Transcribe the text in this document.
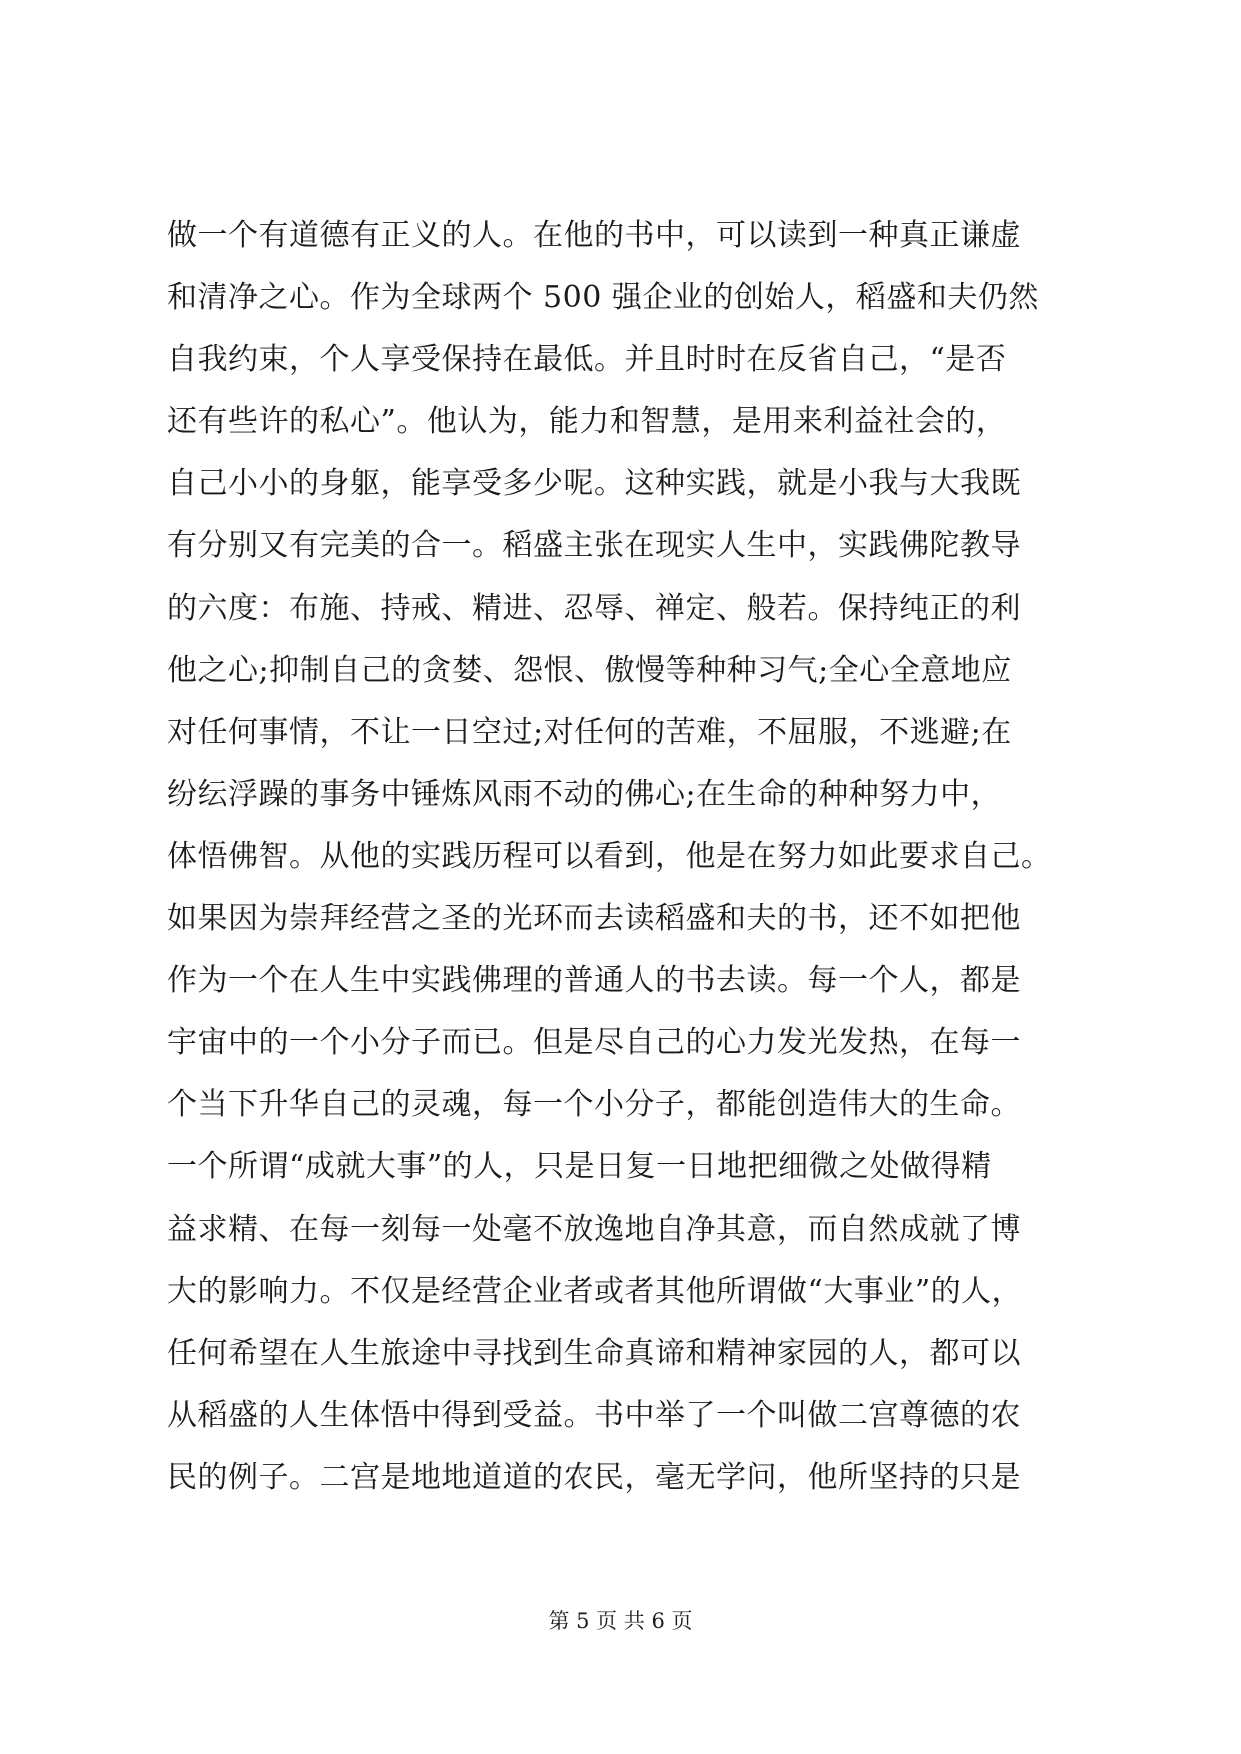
做一个有道德有正义的人。在他的书中，可以读到一种真正谦虚
和清净之心。作为全球两个 500 强企业的创始人，稻盛和夫仍然
自我约束，个人享受保持在最低。并且时时在反省自己，“是否
还有些许的私心”。他认为，能力和智慧，是用来利益社会的，
自己小小的身躯，能享受多少呢。这种实践，就是小我与大我既
有分别又有完美的合一。稻盛主张在现实人生中，实践佛陀教导
的六度：布施、持戒、精进、忍辱、禅定、般若。保持纯正的利
他之心;抑制自己的贪婪、怨恨、傲慢等种种习气;全心全意地应
对任何事情，不让一日空过;对任何的苦难，不屈服，不逃避;在
纷纭浮躁的事务中锤炼风雨不动的佛心;在生命的种种努力中，
体悟佛智。从他的实践历程可以看到，他是在努力如此要求自己。
如果因为崇拜经营之圣的光环而去读稻盛和夫的书，还不如把他
作为一个在人生中实践佛理的普通人的书去读。每一个人，都是
宇宙中的一个小分子而已。但是尽自己的心力发光发热，在每一
个当下升华自己的灵魂，每一个小分子，都能创造伟大的生命。
一个所谓“成就大事”的人，只是日复一日地把细微之处做得精
益求精、在每一刻每一处毫不放逸地自净其意，而自然成就了博
大的影响力。不仅是经营企业者或者其他所谓做“大事业”的人，
任何希望在人生旅途中寻找到生命真谛和精神家园的人，都可以
从稻盛的人生体悟中得到受益。书中举了一个叫做二宫尊德的农
民的例子。二宫是地地道道的农民，毫无学问，他所坚持的只是
第 5 页 共 6 页
